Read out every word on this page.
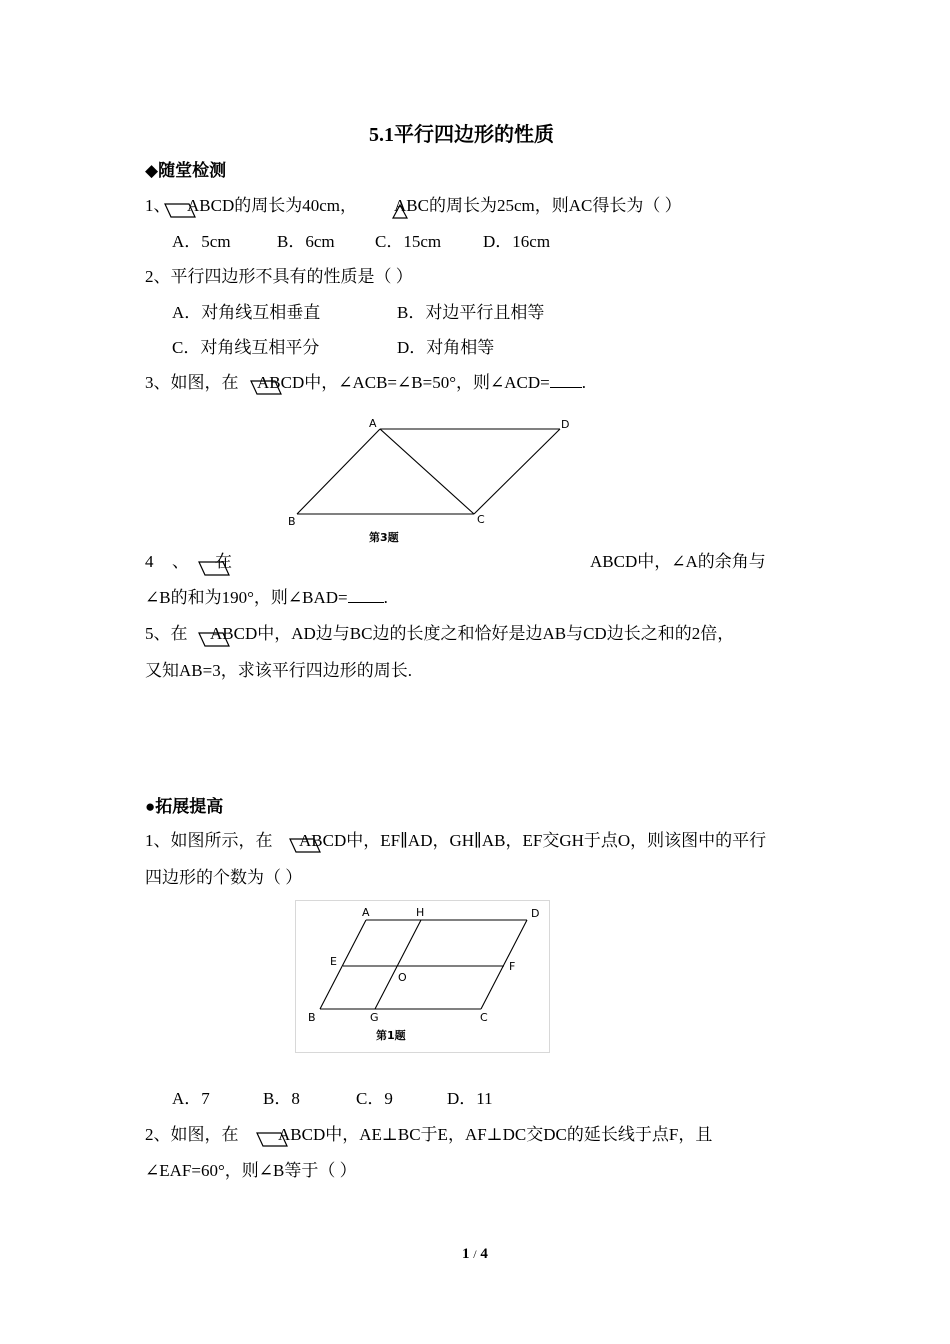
5.1平行四边形的性质
◆随堂检测
1、 ABCD的周长为40cm， ABC的周长为25cm，则AC得长为（ ）
A．5cm	B．6cm C．15cm D．16cm
2、平行四边形不具有的性质是（ ）
A．对角线互相垂直	B．对边平行且相等
C．对角线互相平分	D．对角相等
3、如图，在 ABCD中，∠ACB=∠B=50°，则∠ACD= .
A	D
B	C
第3题
4 、 在	ABCD中，∠A的余角与
∠B的和为190°，则∠BAD= .
5、在 ABCD中，AD边与BC边的长度之和恰好是边AB与CD边长之和的2倍，
又知AB=3，求该平行四边形的周长.
●拓展提高
1、如图所示，在 ABCD中，EF∥AD，GH∥AB，EF交GH于点O，则该图中的平行
四边形的个数为（ ）
A	H	D
E
O
F
B	G	C
第1题
A．7	B．8	C．9	D．11
2、如图，在 ABCD中，AE⊥BC于E，AF⊥DC交DC的延长线于点F，且
∠EAF=60°，则∠B等于（ ）
1 / 4
